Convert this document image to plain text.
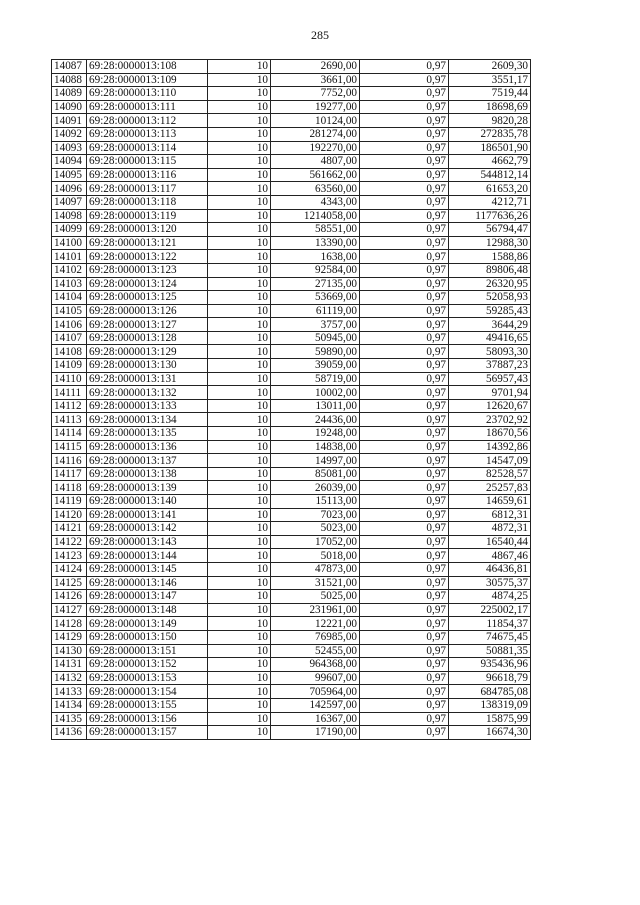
285
14087	69:28:0000013:108	10	2690,00	0,97	2609,30
14088	69:28:0000013:109	10	3661,00	0,97	3551,17
14089	69:28:0000013:110	10	7752,00	0,97	7519,44
14090	69:28:0000013:111	10	19277,00	0,97	18698,69
14091	69:28:0000013:112	10	10124,00	0,97	9820,28
14092	69:28:0000013:113	10	281274,00	0,97	272835,78
14093	69:28:0000013:114	10	192270,00	0,97	186501,90
14094	69:28:0000013:115	10	4807,00	0,97	4662,79
14095	69:28:0000013:116	10	561662,00	0,97	544812,14
14096	69:28:0000013:117	10	63560,00	0,97	61653,20
14097	69:28:0000013:118	10	4343,00	0,97	4212,71
14098	69:28:0000013:119	10	1214058,00	0,97	1177636,26
14099	69:28:0000013:120	10	58551,00	0,97	56794,47
14100	69:28:0000013:121	10	13390,00	0,97	12988,30
14101	69:28:0000013:122	10	1638,00	0,97	1588,86
14102	69:28:0000013:123	10	92584,00	0,97	89806,48
14103	69:28:0000013:124	10	27135,00	0,97	26320,95
14104	69:28:0000013:125	10	53669,00	0,97	52058,93
14105	69:28:0000013:126	10	61119,00	0,97	59285,43
14106	69:28:0000013:127	10	3757,00	0,97	3644,29
14107	69:28:0000013:128	10	50945,00	0,97	49416,65
14108	69:28:0000013:129	10	59890,00	0,97	58093,30
14109	69:28:0000013:130	10	39059,00	0,97	37887,23
14110	69:28:0000013:131	10	58719,00	0,97	56957,43
14111	69:28:0000013:132	10	10002,00	0,97	9701,94
14112	69:28:0000013:133	10	13011,00	0,97	12620,67
14113	69:28:0000013:134	10	24436,00	0,97	23702,92
14114	69:28:0000013:135	10	19248,00	0,97	18670,56
14115	69:28:0000013:136	10	14838,00	0,97	14392,86
14116	69:28:0000013:137	10	14997,00	0,97	14547,09
14117	69:28:0000013:138	10	85081,00	0,97	82528,57
14118	69:28:0000013:139	10	26039,00	0,97	25257,83
14119	69:28:0000013:140	10	15113,00	0,97	14659,61
14120	69:28:0000013:141	10	7023,00	0,97	6812,31
14121	69:28:0000013:142	10	5023,00	0,97	4872,31
14122	69:28:0000013:143	10	17052,00	0,97	16540,44
14123	69:28:0000013:144	10	5018,00	0,97	4867,46
14124	69:28:0000013:145	10	47873,00	0,97	46436,81
14125	69:28:0000013:146	10	31521,00	0,97	30575,37
14126	69:28:0000013:147	10	5025,00	0,97	4874,25
14127	69:28:0000013:148	10	231961,00	0,97	225002,17
14128	69:28:0000013:149	10	12221,00	0,97	11854,37
14129	69:28:0000013:150	10	76985,00	0,97	74675,45
14130	69:28:0000013:151	10	52455,00	0,97	50881,35
14131	69:28:0000013:152	10	964368,00	0,97	935436,96
14132	69:28:0000013:153	10	99607,00	0,97	96618,79
14133	69:28:0000013:154	10	705964,00	0,97	684785,08
14134	69:28:0000013:155	10	142597,00	0,97	138319,09
14135	69:28:0000013:156	10	16367,00	0,97	15875,99
14136	69:28:0000013:157	10	17190,00	0,97	16674,30
